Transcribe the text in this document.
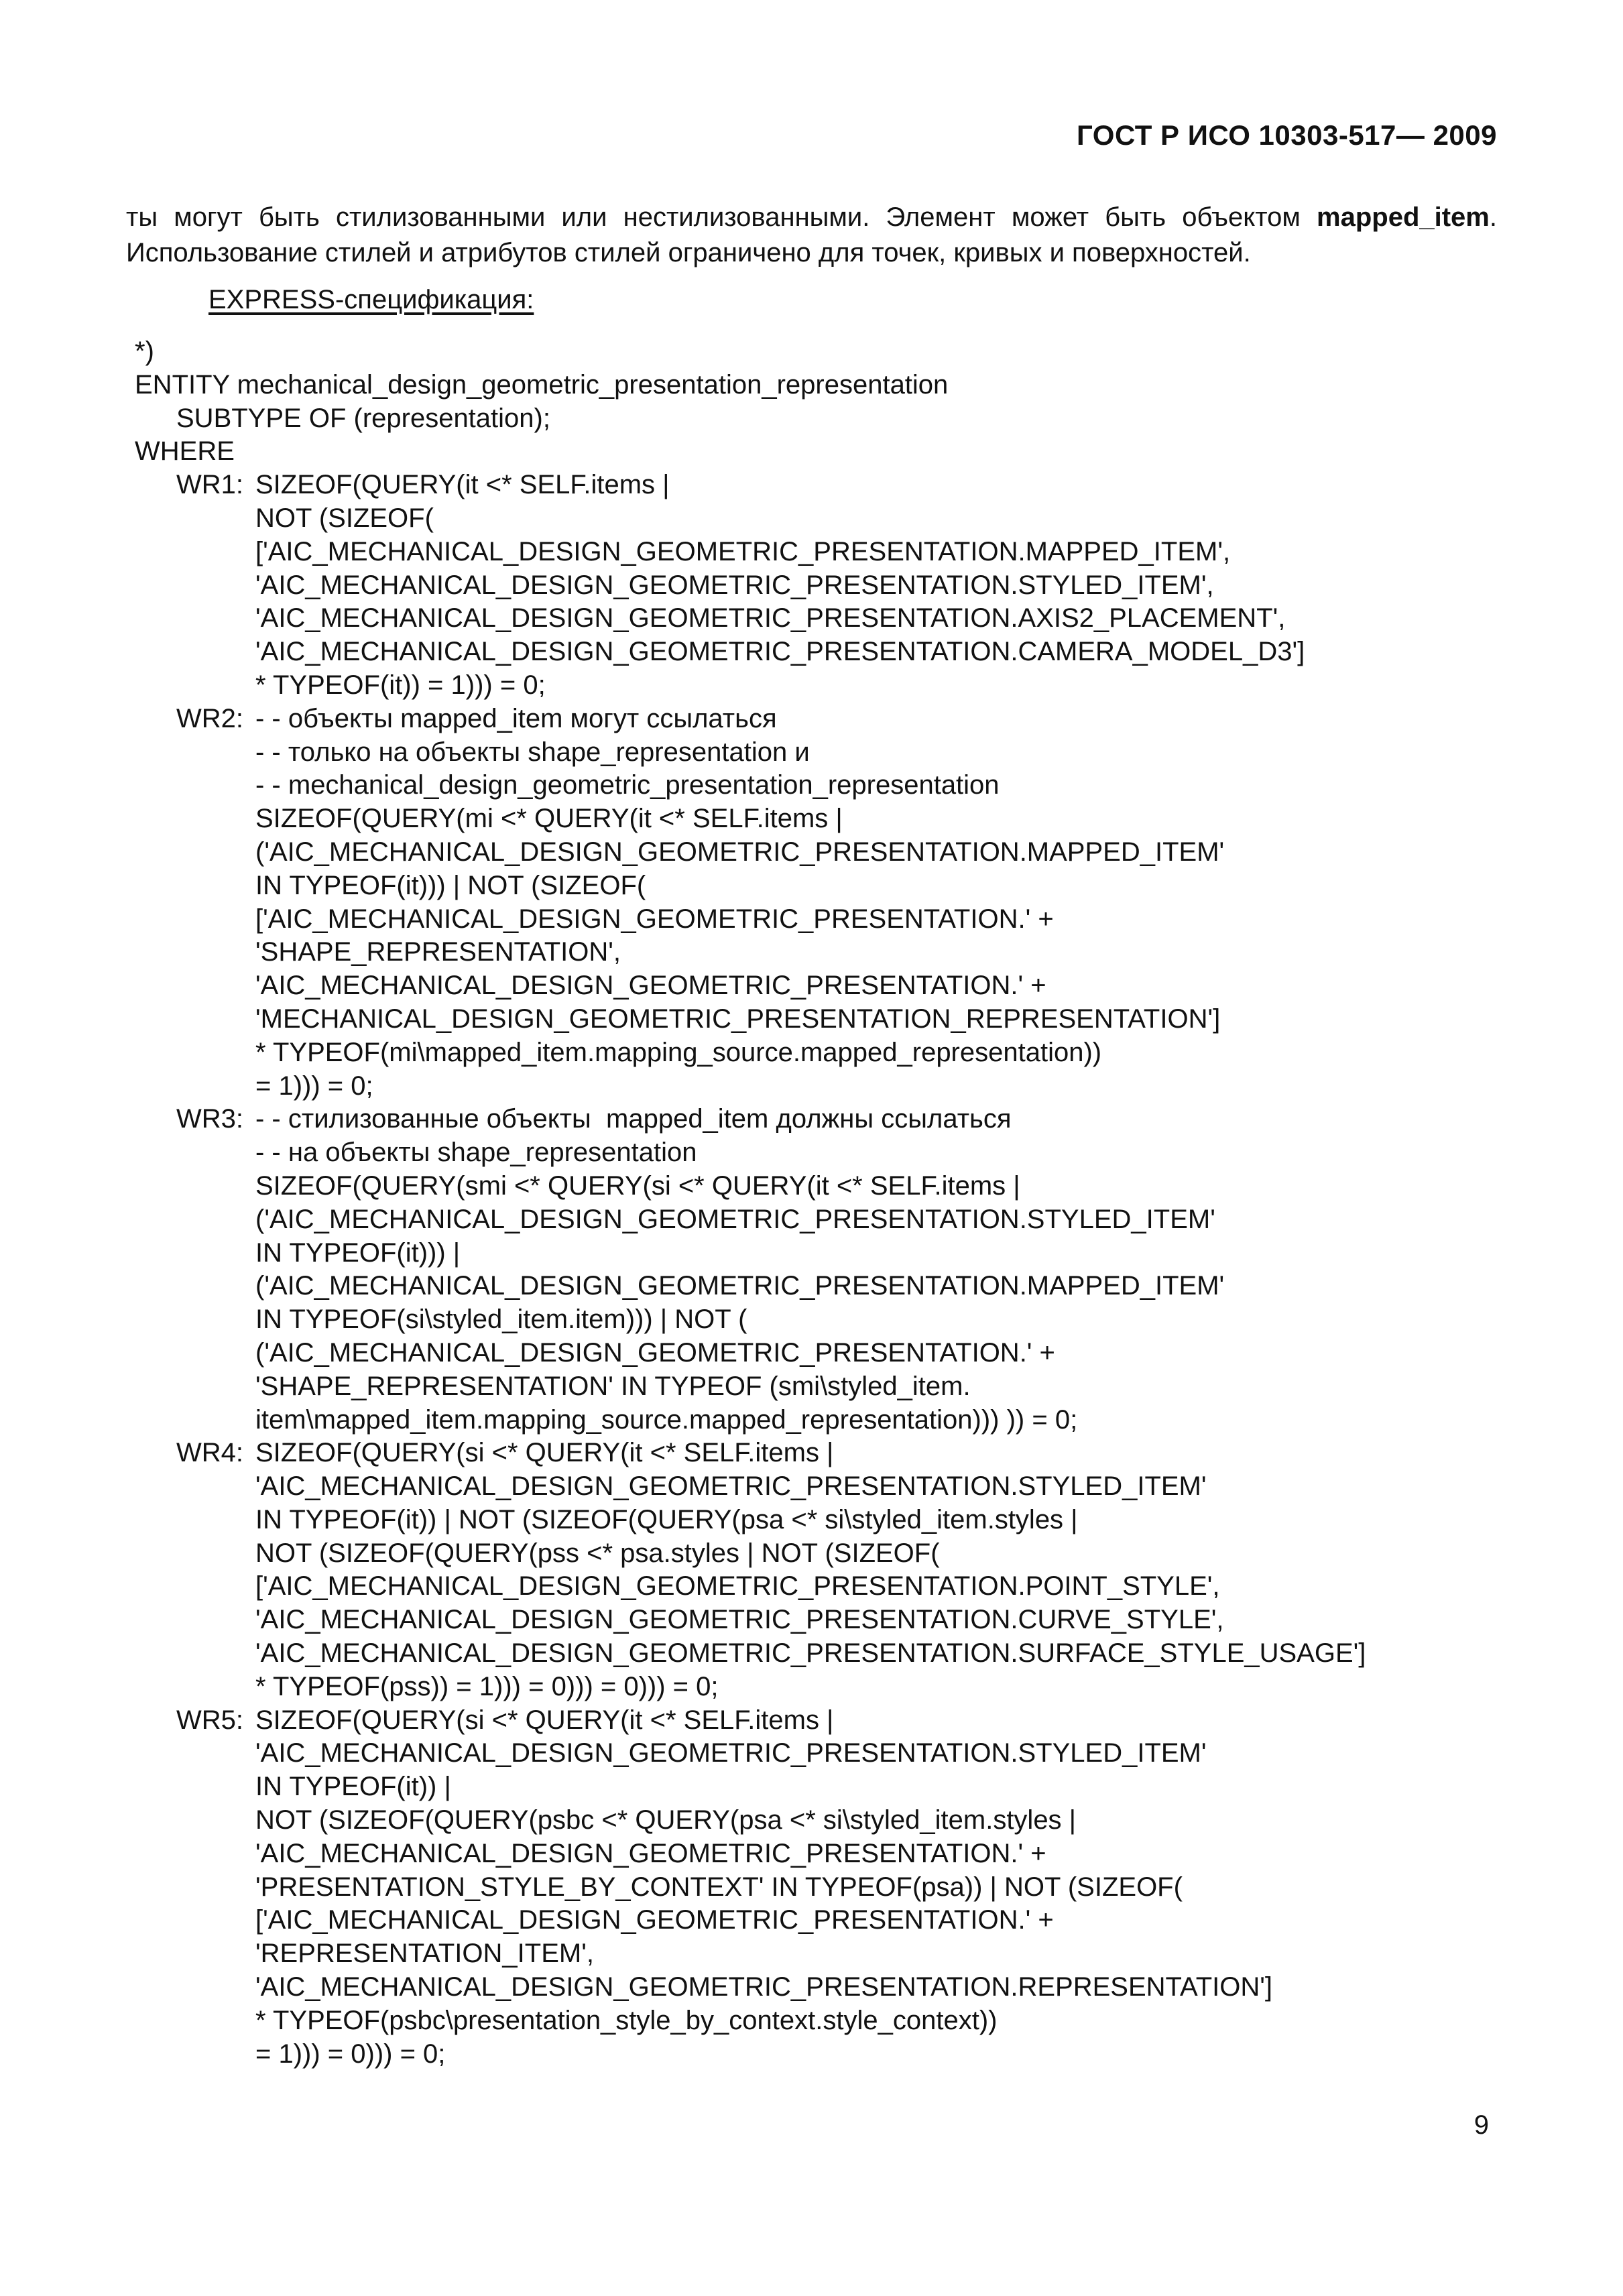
ГОСТ Р ИСО 10303-517— 2009

ты могут быть стилизованными или нестилизованными. Элемент может быть объектом mapped_item. Использование стилей и атрибутов стилей ограничено для точек, кривых и поверхностей.

EXPRESS-спецификация:
*)
ENTITY mechanical_design_geometric_presentation_representation
SUBTYPE OF (representation);
WHERE
WR1: SIZEOF(QUERY(it <* SELF.items |
NOT (SIZEOF(
['AIC_MECHANICAL_DESIGN_GEOMETRIC_PRESENTATION.MAPPED_ITEM',
'AIC_MECHANICAL_DESIGN_GEOMETRIC_PRESENTATION.STYLED_ITEM',
'AIC_MECHANICAL_DESIGN_GEOMETRIC_PRESENTATION.AXIS2_PLACEMENT',
'AIC_MECHANICAL_DESIGN_GEOMETRIC_PRESENTATION.CAMERA_MODEL_D3']
* TYPEOF(it)) = 1))) = 0;
WR2: - - объекты mapped_item могут ссылаться
- - только на объекты shape_representation и
- - mechanical_design_geometric_presentation_representation
SIZEOF(QUERY(mi <* QUERY(it <* SELF.items |
('AIC_MECHANICAL_DESIGN_GEOMETRIC_PRESENTATION.MAPPED_ITEM'
IN TYPEOF(it))) | NOT (SIZEOF(
['AIC_MECHANICAL_DESIGN_GEOMETRIC_PRESENTATION.' +
'SHAPE_REPRESENTATION',
'AIC_MECHANICAL_DESIGN_GEOMETRIC_PRESENTATION.' +
'MECHANICAL_DESIGN_GEOMETRIC_PRESENTATION_REPRESENTATION']
* TYPEOF(mi\mapped_item.mapping_source.mapped_representation))
= 1))) = 0;
WR3: - - стилизованные объекты  mapped_item должны ссылаться
- - на объекты shape_representation
SIZEOF(QUERY(smi <* QUERY(si <* QUERY(it <* SELF.items |
('AIC_MECHANICAL_DESIGN_GEOMETRIC_PRESENTATION.STYLED_ITEM'
IN TYPEOF(it))) |
('AIC_MECHANICAL_DESIGN_GEOMETRIC_PRESENTATION.MAPPED_ITEM'
IN TYPEOF(si\styled_item.item))) | NOT (
('AIC_MECHANICAL_DESIGN_GEOMETRIC_PRESENTATION.' +
'SHAPE_REPRESENTATION' IN TYPEOF (smi\styled_item.
item\mapped_item.mapping_source.mapped_representation))) )) = 0;
WR4: SIZEOF(QUERY(si <* QUERY(it <* SELF.items |
'AIC_MECHANICAL_DESIGN_GEOMETRIC_PRESENTATION.STYLED_ITEM'
IN TYPEOF(it)) | NOT (SIZEOF(QUERY(psa <* si\styled_item.styles |
NOT (SIZEOF(QUERY(pss <* psa.styles | NOT (SIZEOF(
['AIC_MECHANICAL_DESIGN_GEOMETRIC_PRESENTATION.POINT_STYLE',
'AIC_MECHANICAL_DESIGN_GEOMETRIC_PRESENTATION.CURVE_STYLE',
'AIC_MECHANICAL_DESIGN_GEOMETRIC_PRESENTATION.SURFACE_STYLE_USAGE']
* TYPEOF(pss)) = 1))) = 0))) = 0))) = 0;
WR5: SIZEOF(QUERY(si <* QUERY(it <* SELF.items |
'AIC_MECHANICAL_DESIGN_GEOMETRIC_PRESENTATION.STYLED_ITEM'
IN TYPEOF(it)) |
NOT (SIZEOF(QUERY(psbc <* QUERY(psa <* si\styled_item.styles |
'AIC_MECHANICAL_DESIGN_GEOMETRIC_PRESENTATION.' +
'PRESENTATION_STYLE_BY_CONTEXT' IN TYPEOF(psa)) | NOT (SIZEOF(
['AIC_MECHANICAL_DESIGN_GEOMETRIC_PRESENTATION.' +
'REPRESENTATION_ITEM',
'AIC_MECHANICAL_DESIGN_GEOMETRIC_PRESENTATION.REPRESENTATION']
* TYPEOF(psbc\presentation_style_by_context.style_context))
= 1))) = 0))) = 0;
9
